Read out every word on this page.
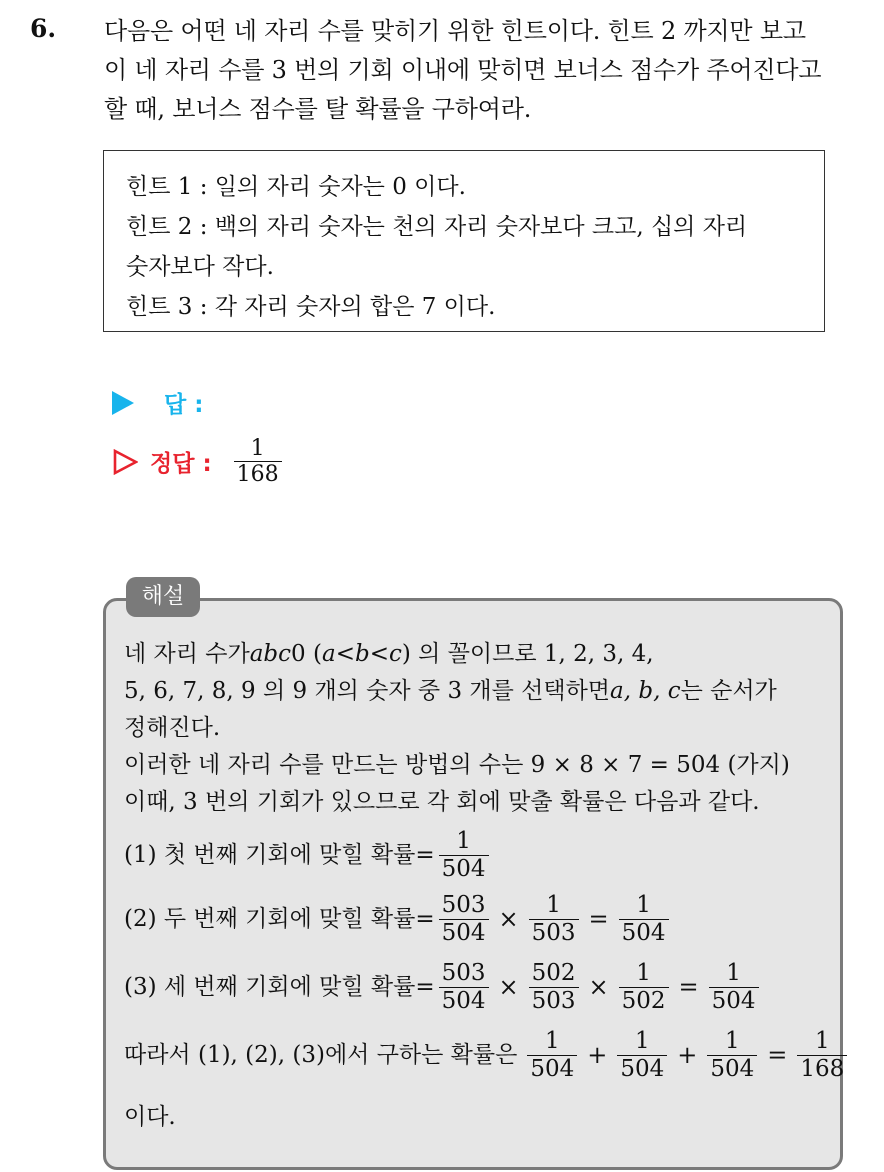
6. 다음은 어떤 네 자리 수를 맞히기 위한 힌트이다. 힌트 2 까지만 보고
이 네 자리 수를 3 번의 기회 이내에 맞히면 보너스 점수가 주어진다고
할 때, 보너스 점수를 탈 확률을 구하여라.
힌트 1 : 일의 자리 숫자는 0 이다.
힌트 2 : 백의 자리 숫자는 천의 자리 숫자보다 크고, 십의 자리
숫자보다 작다.
힌트 3 : 각 자리 숫자의 합은 7 이다.
답 :
정답 : $\frac{1}{168}$
해설
네 자리 수가 abc 0 ( a < b < c ) 의 꼴이므로 1, 2, 3, 4,
5, 6, 7, 8, 9 의 9 개의 숫자 중 3 개를 선택하면 a, b, c 는 순서가
정해진다.
이러한 네 자리 수를 만드는 방법의 수는 9 × 8 × 7 = 504 (가지)
이때, 3 번의 기회가 있으므로 각 회에 맞출 확률은 다음과 같다.
(1) 첫 번째 기회에 맞힐 확률= $\frac{1}{504}$
(2) 두 번째 기회에 맞힐 확률= $\frac{503}{504} \times \frac{1}{503} = \frac{1}{504}$
(3) 세 번째 기회에 맞힐 확률= $\frac{503}{504} \times \frac{502}{503} \times \frac{1}{502} = \frac{1}{504}$
따라서 (1), (2), (3)에서 구하는 확률은 $\frac{1}{504} + \frac{1}{504} + \frac{1}{504} = \frac{1}{168}$
이다.
